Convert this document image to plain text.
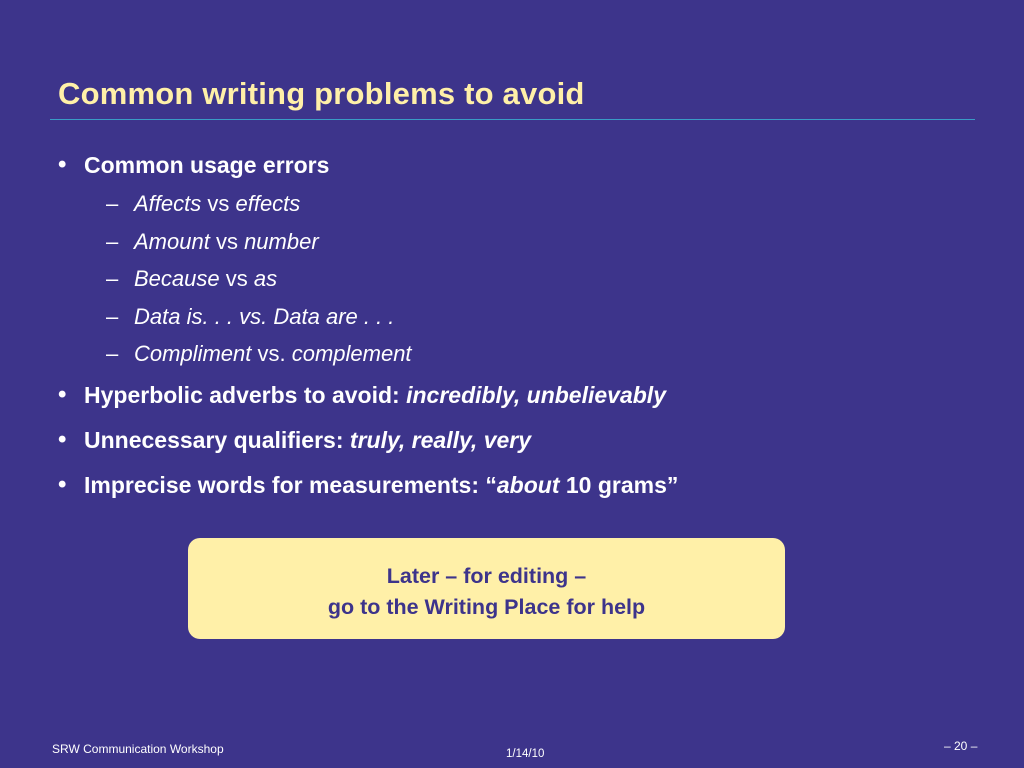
Common writing problems to avoid
• Common usage errors
– Affects vs effects
– Amount vs number
– Because vs as
– Data is. . . vs. Data are . . .
– Compliment vs. complement
• Hyperbolic adverbs to avoid: incredibly, unbelievably
• Unnecessary qualifiers: truly, really, very
• Imprecise words for measurements: “about 10 grams”
Later – for editing –
go to the Writing Place for help
SRW Communication Workshop	1/14/10
– 20 –
